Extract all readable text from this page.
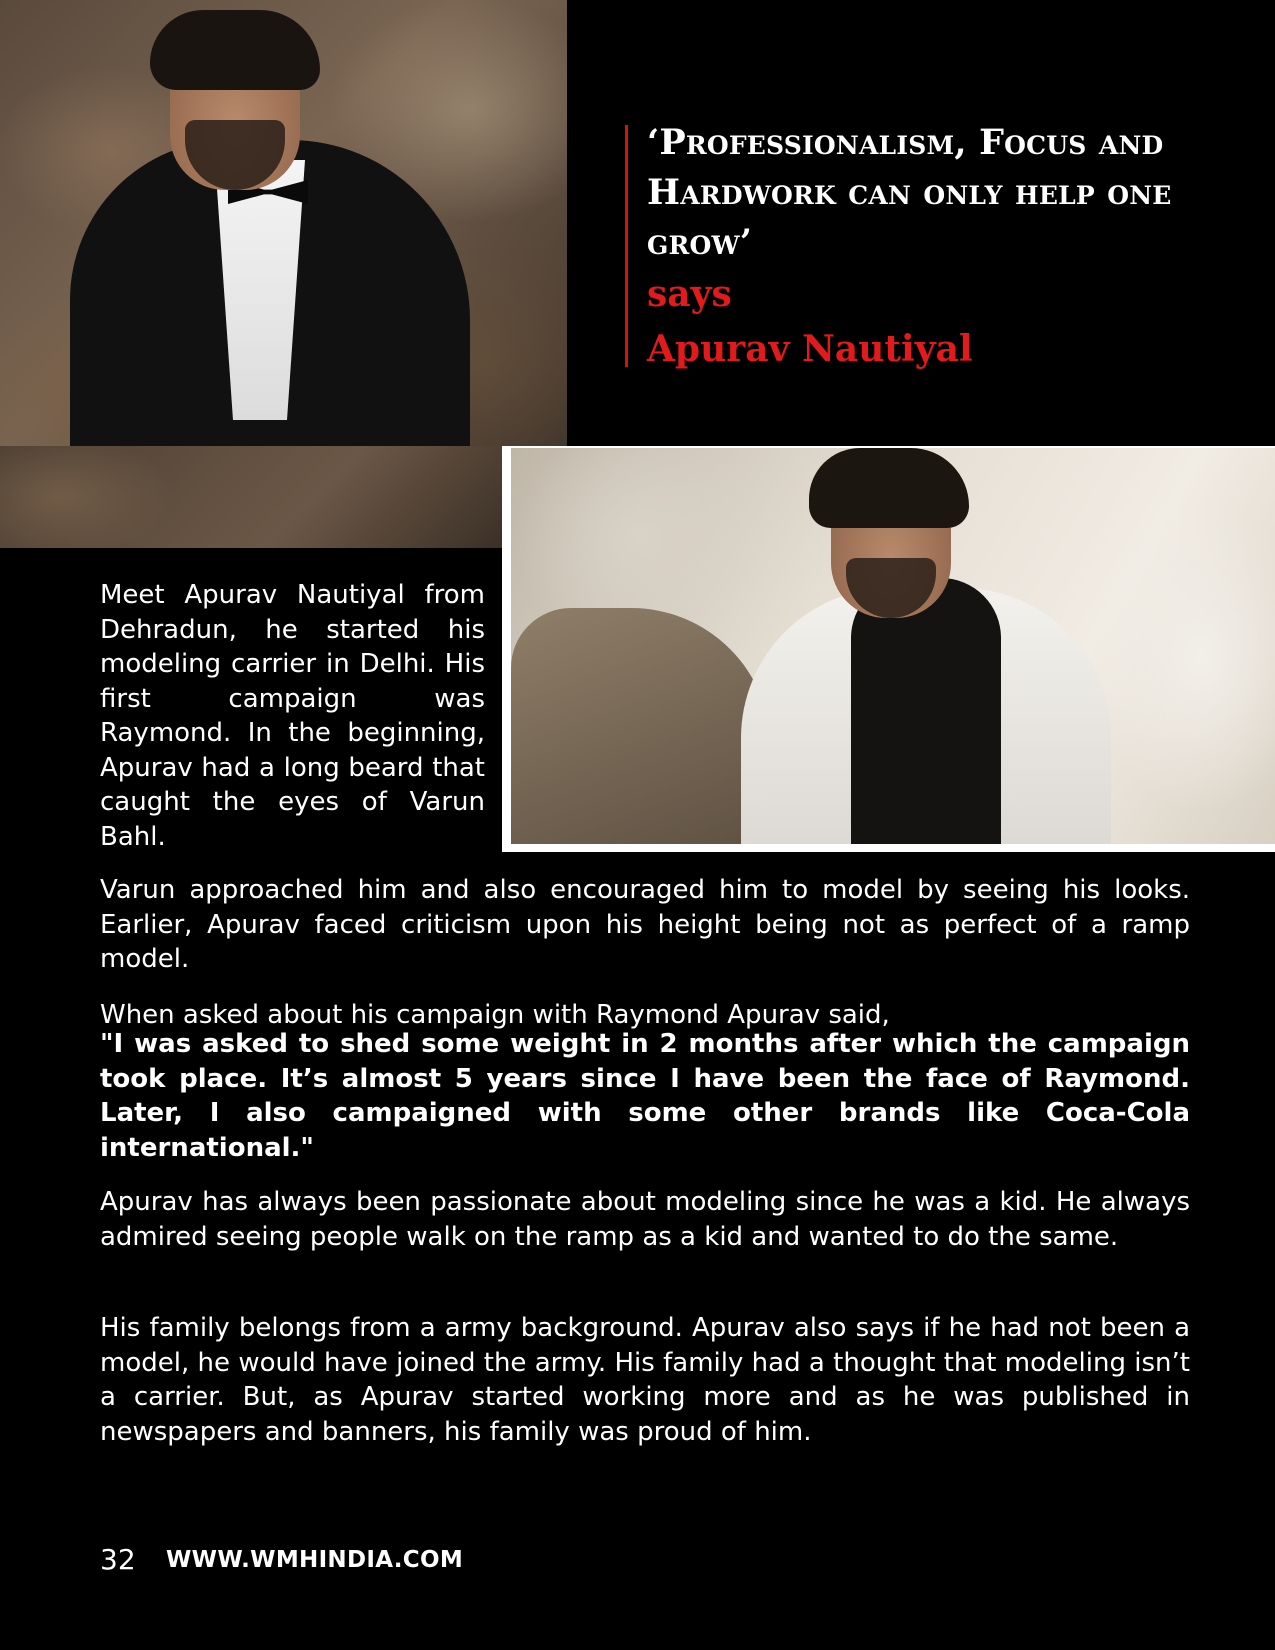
‘Professionalism, Focus and Hardwork can only help one grow’
says
Apurav Nautiyal

Meet Apurav Nautiyal from Dehradun, he started his modeling carrier in Delhi. His first campaign was Raymond. In the beginning, Apurav had a long beard that caught the eyes of Varun Bahl.

Varun approached him and also encouraged him to model by seeing his looks. Earlier, Apurav faced criticism upon his height being not as perfect of a ramp model.

When asked about his campaign with Raymond Apurav said,

"I was asked to shed some weight in 2 months after which the campaign took place. It’s almost 5 years since I have been the face of Raymond. Later, I also campaigned with some other brands like Coca-Cola international."

Apurav has always been passionate about modeling since he was a kid. He always admired seeing people walk on the ramp as a kid and wanted to do the same.

His family belongs from a army background. Apurav also says if he had not been a model, he would have joined the army. His family had a thought that modeling isn’t a carrier. But, as Apurav started working more and as he was published in newspapers and banners, his family was proud of him.

32 WWW.WMHINDIA.COM
